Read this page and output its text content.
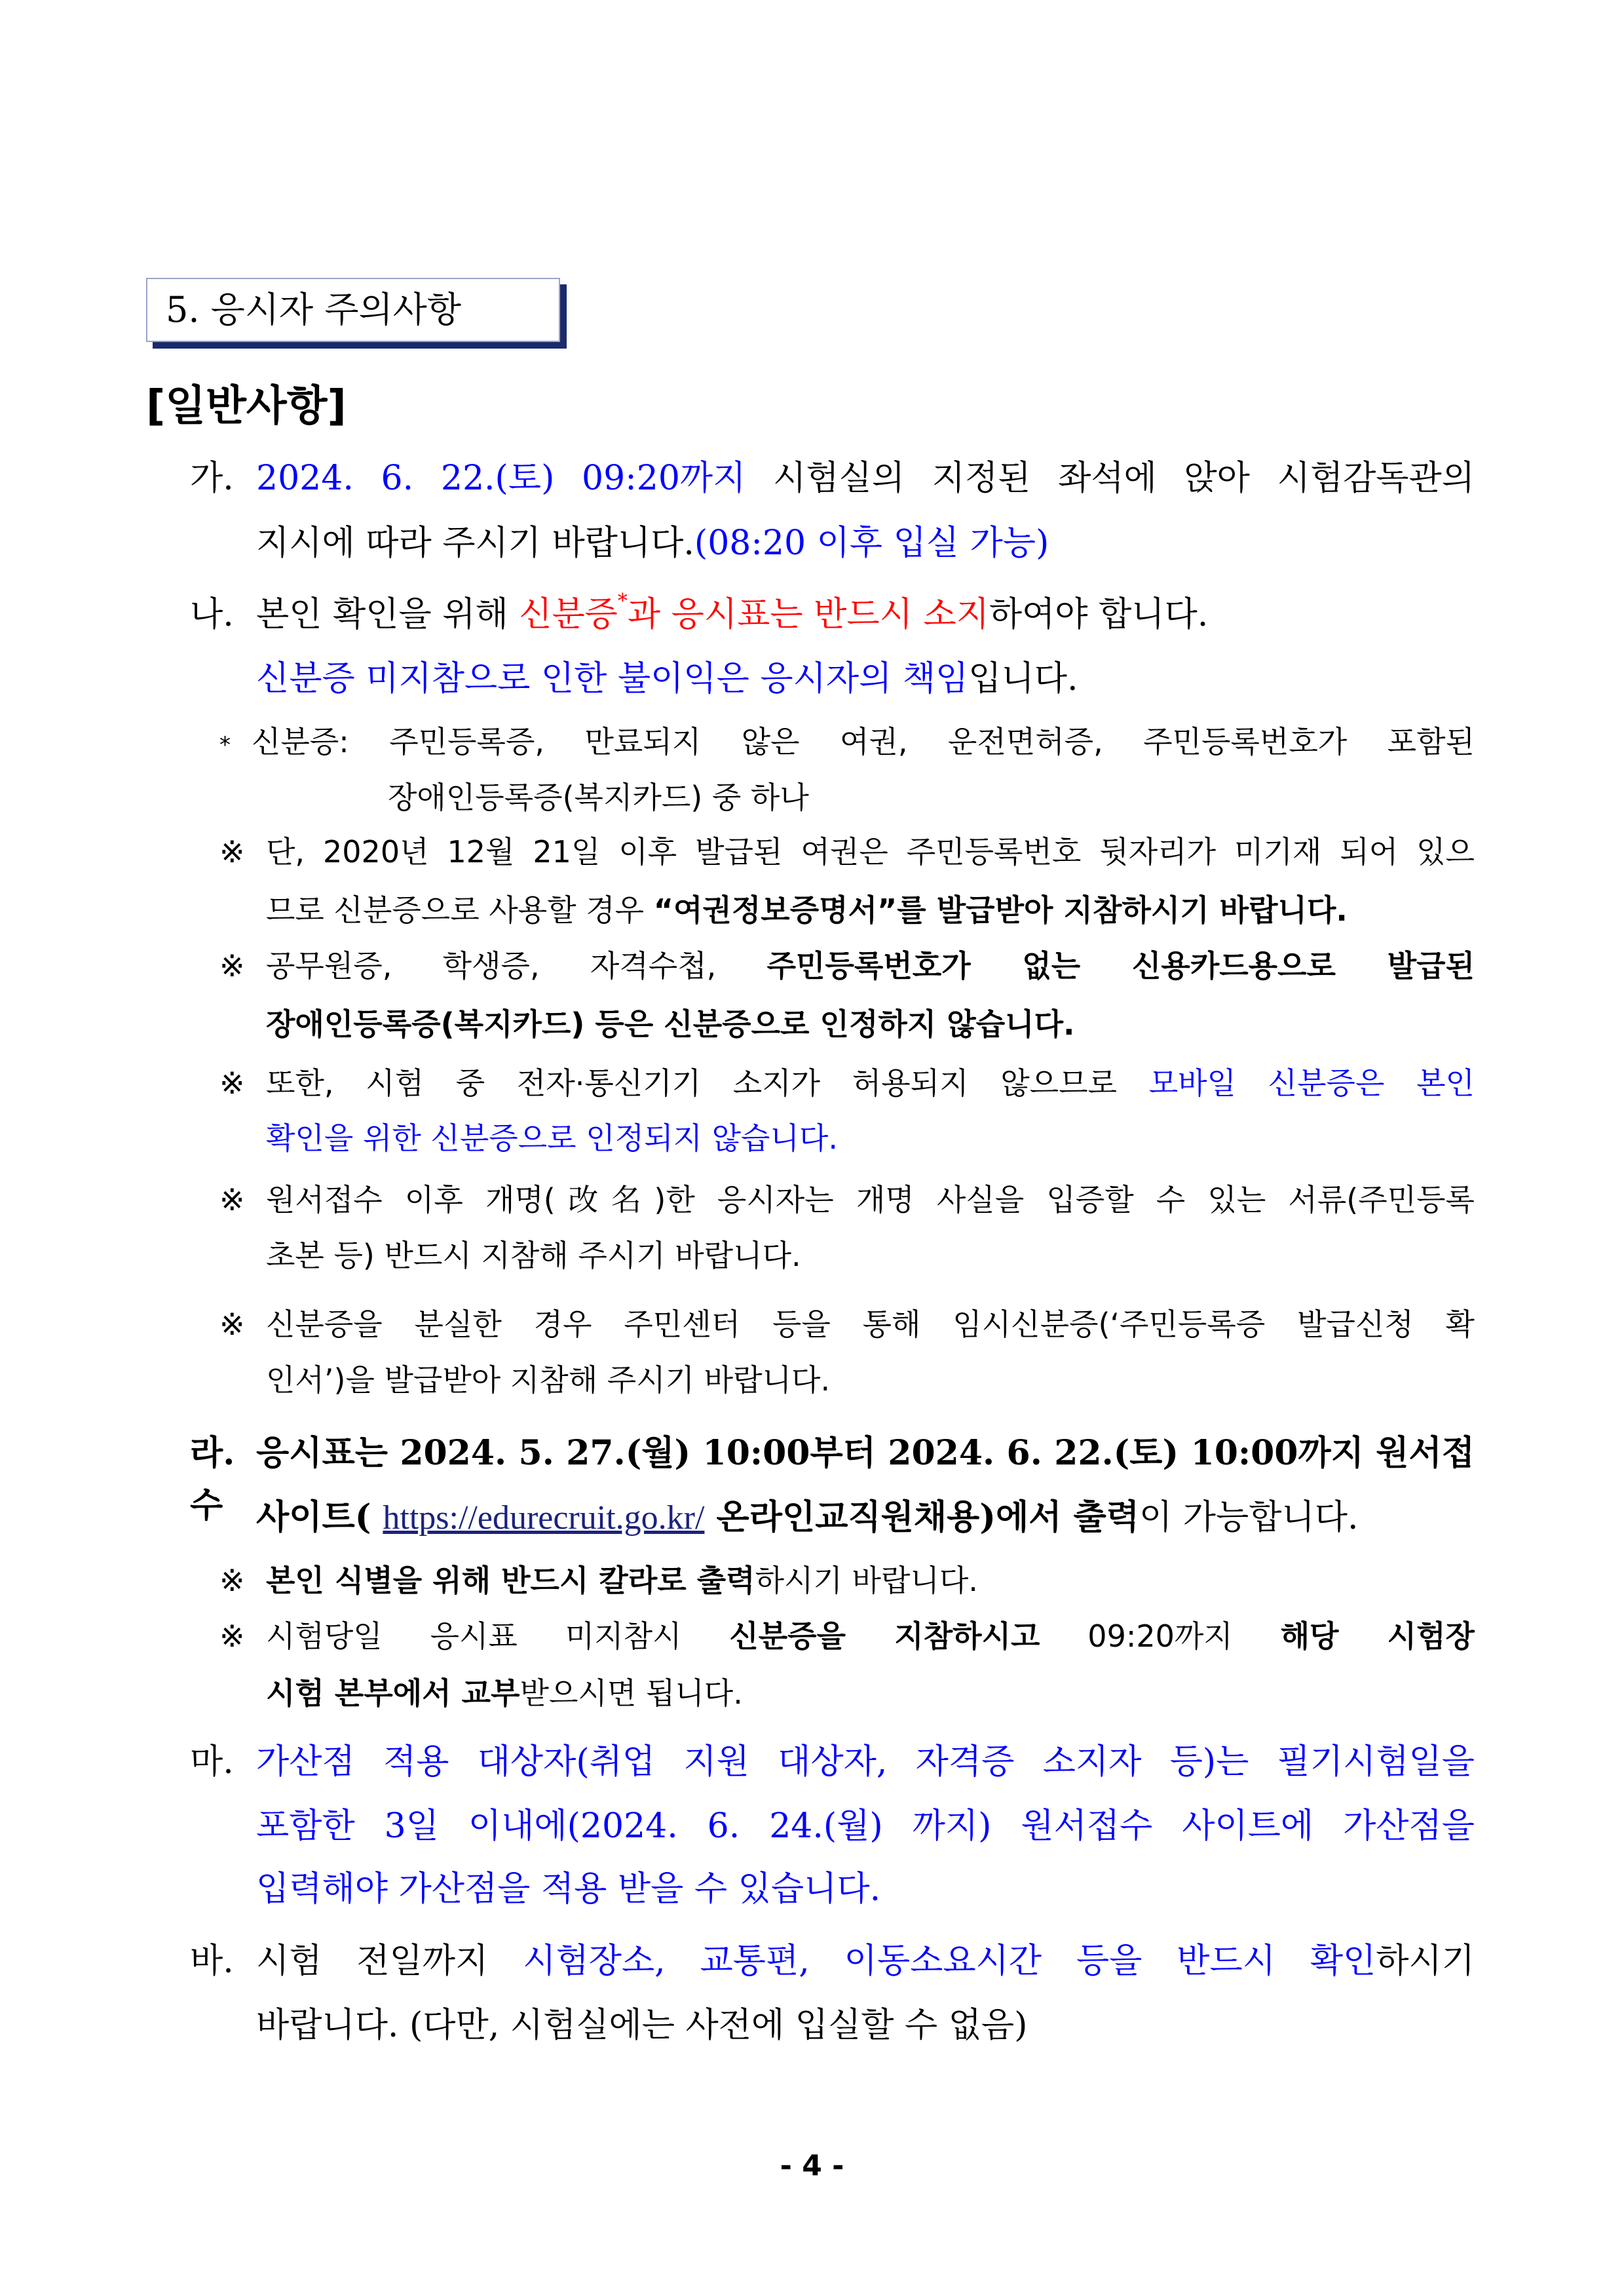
5. 응시자 주의사항
[일반사항]
가. 2024. 6. 22.(토) 09:20까지 시험실의 지정된 좌석에 앉아 시험감독관의
지시에 따라 주시기 바랍니다.(08:20 이후 입실 가능)
나. 본인 확인을 위해 신분증*과 응시표는 반드시 소지하여야 합니다.
신분증 미지참으로 인한 불이익은 응시자의 책임입니다.
* 신분증: 주민등록증, 만료되지 않은 여권, 운전면허증, 주민등록번호가 포함된
장애인등록증(복지카드) 중 하나
※ 단, 2020년 12월 21일 이후 발급된 여권은 주민등록번호 뒷자리가 미기재 되어 있으
므로 신분증으로 사용할 경우 “여권정보증명서”를 발급받아 지참하시기 바랍니다.
※ 공무원증, 학생증, 자격수첩, 주민등록번호가 없는 신용카드용으로 발급된
장애인등록증(복지카드) 등은 신분증으로 인정하지 않습니다.
※ 또한, 시험 중 전자·통신기기 소지가 허용되지 않으므로 모바일 신분증은 본인
확인을 위한 신분증으로 인정되지 않습니다.
※ 원서접수 이후 개명(改名)한 응시자는 개명 사실을 입증할 수 있는 서류(주민등록
초본 등) 반드시 지참해 주시기 바랍니다.
※ 신분증을 분실한 경우 주민센터 등을 통해 임시신분증(‘주민등록증 발급신청 확
인서’)을 발급받아 지참해 주시기 바랍니다.
라. 응시표는 2024. 5. 27.(월) 10:00부터 2024. 6. 22.(토) 10:00까지 원서접수 사이트( https://edurecruit.go.kr/ 온라인교직원채용)에서 출력이 가능합니다.
※ 본인 식별을 위해 반드시 칼라로 출력하시기 바랍니다.
※ 시험당일 응시표 미지참시 신분증을 지참하시고 09:20까지 해당 시험장
시험 본부에서 교부받으시면 됩니다.
마. 가산점 적용 대상자(취업 지원 대상자, 자격증 소지자 등)는 필기시험일을
포함한 3일 이내에(2024. 6. 24.(월) 까지) 원서접수 사이트에 가산점을
입력해야 가산점을 적용 받을 수 있습니다.
바. 시험 전일까지 시험장소, 교통편, 이동소요시간 등을 반드시 확인하시기
바랍니다. (다만, 시험실에는 사전에 입실할 수 없음)
- 4 -
